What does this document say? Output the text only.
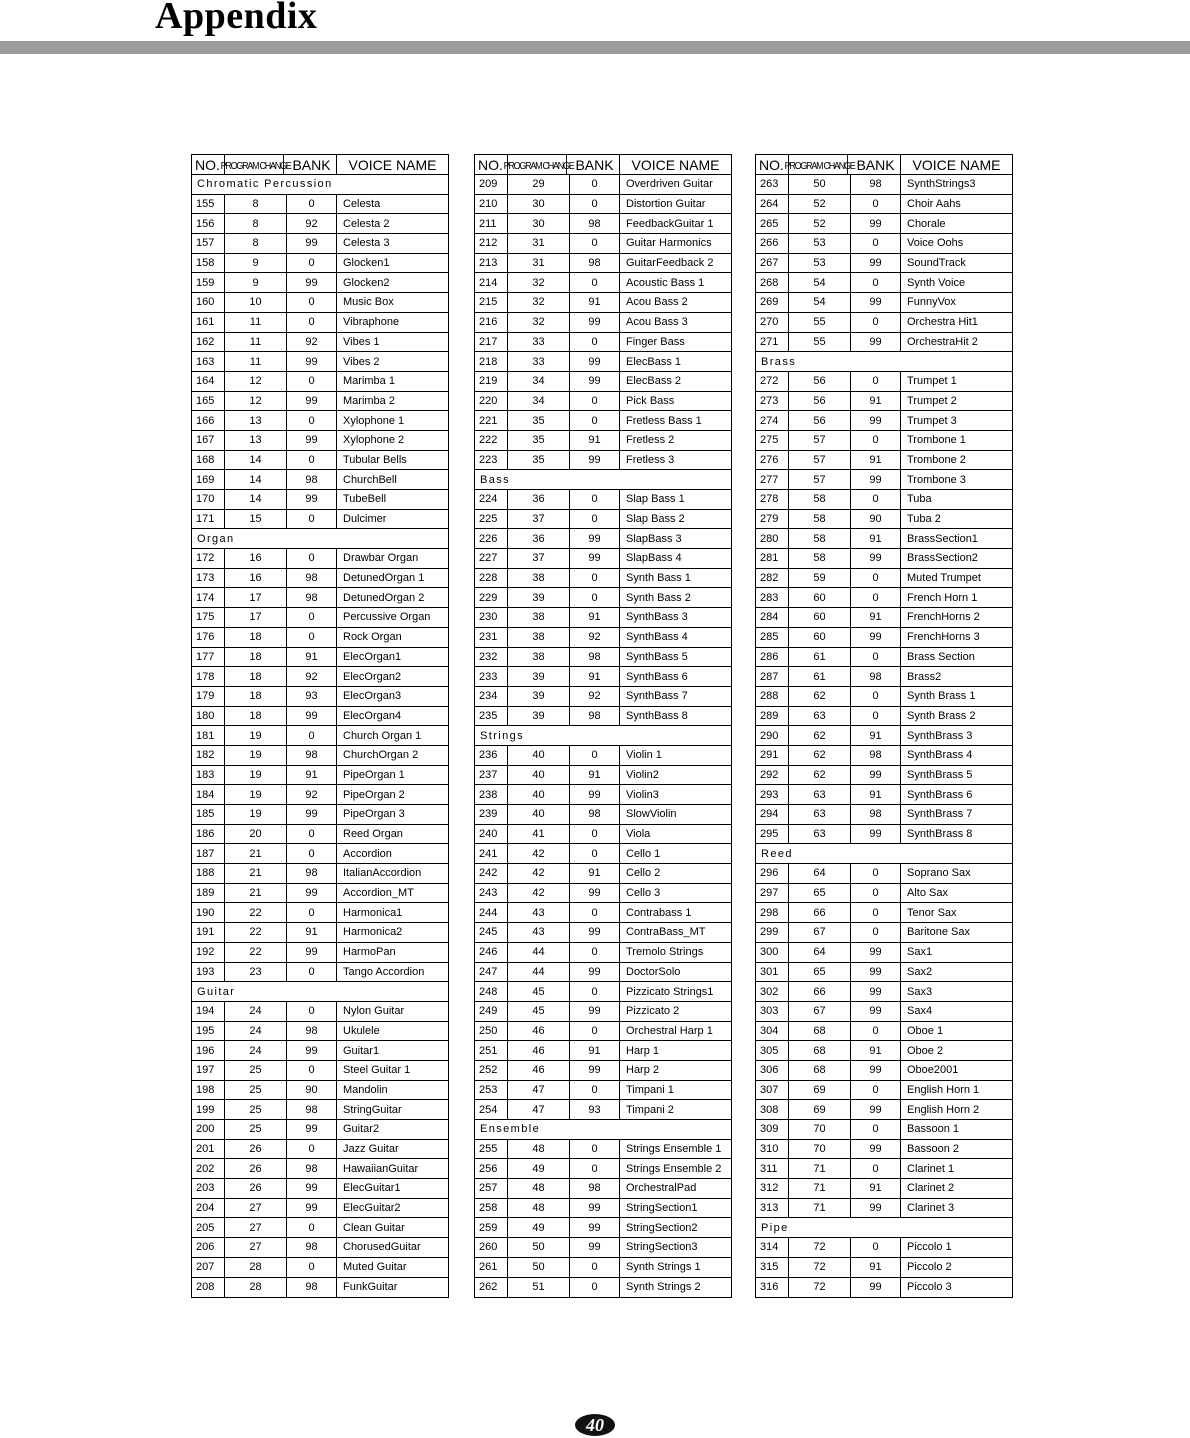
Appendix
NO. PROGRAM CHANGE BANK	VOICE NAME
Chromatic Percussion
155	8	0	Celesta
156	8	92	Celesta 2
157	8	99	Celesta 3
158	9	0	Glocken1
159	9	99	Glocken2
160	10	0	Music Box
161	11	0	Vibraphone
162	11	92	Vibes 1
163	11	99	Vibes 2
164	12	0	Marimba 1
165	12	99	Marimba 2
166	13	0	Xylophone 1
167	13	99	Xylophone 2
168	14	0	Tubular Bells
169	14	98	ChurchBell
170	14	99	TubeBell
171	15	0	Dulcimer
Organ
172	16	0	Drawbar Organ
173	16	98	DetunedOrgan 1
174	17	98	DetunedOrgan 2
175	17	0	Percussive Organ
176	18	0	Rock Organ
177	18	91	ElecOrgan1
178	18	92	ElecOrgan2
179	18	93	ElecOrgan3
180	18	99	ElecOrgan4
181	19	0	Church Organ 1
182	19	98	ChurchOrgan 2
183	19	91	PipeOrgan 1
184	19	92	PipeOrgan 2
185	19	99	PipeOrgan 3
186	20	0	Reed Organ
187	21	0	Accordion
188	21	98	ItalianAccordion
189	21	99	Accordion_MT
190	22	0	Harmonica1
191	22	91	Harmonica2
192	22	99	HarmoPan
193	23	0	Tango Accordion
Guitar
194	24	0	Nylon Guitar
195	24	98	Ukulele
196	24	99	Guitar1
197	25	0	Steel Guitar 1
198	25	90	Mandolin
199	25	98	StringGuitar
200	25	99	Guitar2
201	26	0	Jazz Guitar
202	26	98	HawaiianGuitar
203	26	99	ElecGuitar1
204	27	99	ElecGuitar2
205	27	0	Clean Guitar
206	27	98	ChorusedGuitar
207	28	0	Muted Guitar
208	28	98	FunkGuitar
NO. PROGRAM CHANGE BANK	VOICE NAME
209	29	0	Overdriven Guitar
210	30	0	Distortion Guitar
211	30	98	FeedbackGuitar 1
212	31	0	Guitar Harmonics
213	31	98	GuitarFeedback 2
214	32	0	Acoustic Bass 1
215	32	91	Acou Bass 2
216	32	99	Acou Bass 3
217	33	0	Finger Bass
218	33	99	ElecBass 1
219	34	99	ElecBass 2
220	34	0	Pick Bass
221	35	0	Fretless Bass 1
222	35	91	Fretless 2
223	35	99	Fretless 3
Bass
224	36	0	Slap Bass 1
225	37	0	Slap Bass 2
226	36	99	SlapBass 3
227	37	99	SlapBass 4
228	38	0	Synth Bass 1
229	39	0	Synth Bass 2
230	38	91	SynthBass 3
231	38	92	SynthBass 4
232	38	98	SynthBass 5
233	39	91	SynthBass 6
234	39	92	SynthBass 7
235	39	98	SynthBass 8
Strings
236	40	0	Violin 1
237	40	91	Violin2
238	40	99	Violin3
239	40	98	SlowViolin
240	41	0	Viola
241	42	0	Cello 1
242	42	91	Cello 2
243	42	99	Cello 3
244	43	0	Contrabass 1
245	43	99	ContraBass_MT
246	44	0	Tremolo Strings
247	44	99	DoctorSolo
248	45	0	Pizzicato Strings1
249	45	99	Pizzicato 2
250	46	0	Orchestral Harp 1
251	46	91	Harp 1
252	46	99	Harp 2
253	47	0	Timpani 1
254	47	93	Timpani 2
Ensemble
255	48	0	Strings Ensemble 1
256	49	0	Strings Ensemble 2
257	48	98	OrchestralPad
258	48	99	StringSection1
259	49	99	StringSection2
260	50	99	StringSection3
261	50	0	Synth Strings 1
262	51	0	Synth Strings 2
NO. PROGRAM CHANGE BANK	VOICE NAME
263	50	98	SynthStrings3
264	52	0	Choir Aahs
265	52	99	Chorale
266	53	0	Voice Oohs
267	53	99	SoundTrack
268	54	0	Synth Voice
269	54	99	FunnyVox
270	55	0	Orchestra Hit1
271	55	99	OrchestraHit 2
Brass
272	56	0	Trumpet 1
273	56	91	Trumpet 2
274	56	99	Trumpet 3
275	57	0	Trombone 1
276	57	91	Trombone 2
277	57	99	Trombone 3
278	58	0	Tuba
279	58	90	Tuba 2
280	58	91	BrassSection1
281	58	99	BrassSection2
282	59	0	Muted Trumpet
283	60	0	French Horn 1
284	60	91	FrenchHorns 2
285	60	99	FrenchHorns 3
286	61	0	Brass Section
287	61	98	Brass2
288	62	0	Synth Brass 1
289	63	0	Synth Brass 2
290	62	91	SynthBrass 3
291	62	98	SynthBrass 4
292	62	99	SynthBrass 5
293	63	91	SynthBrass 6
294	63	98	SynthBrass 7
295	63	99	SynthBrass 8
Reed
296	64	0	Soprano Sax
297	65	0	Alto Sax
298	66	0	Tenor Sax
299	67	0	Baritone Sax
300	64	99	Sax1
301	65	99	Sax2
302	66	99	Sax3
303	67	99	Sax4
304	68	0	Oboe 1
305	68	91	Oboe 2
306	68	99	Oboe2001
307	69	0	English Horn 1
308	69	99	English Horn 2
309	70	0	Bassoon 1
310	70	99	Bassoon 2
311	71	0	Clarinet 1
312	71	91	Clarinet 2
313	71	99	Clarinet 3
Pipe
314	72	0	Piccolo 1
315	72	91	Piccolo 2
316	72	99	Piccolo 3
40
